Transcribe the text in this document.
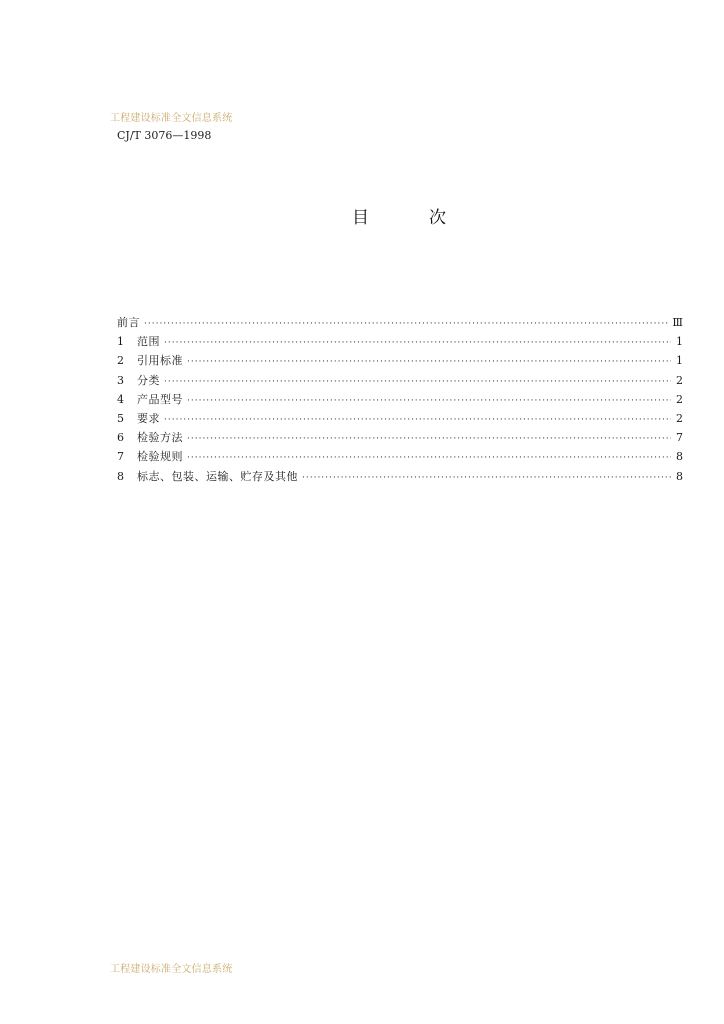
工程建设标准全文信息系统
CJ/T 3076—1998
目	次
前言 ·····	Ⅲ
1	范围 ·····	1
2	引用标准 ·····	1
3	分类 ·····	2
4	产品型号 ·····	2
5	要求 ·····	2
6	检验方法 ·····	7
7	检验规则 ·····	8
8	标志、包装、运输、贮存及其他 ·····	8
工程建设标准全文信息系统
